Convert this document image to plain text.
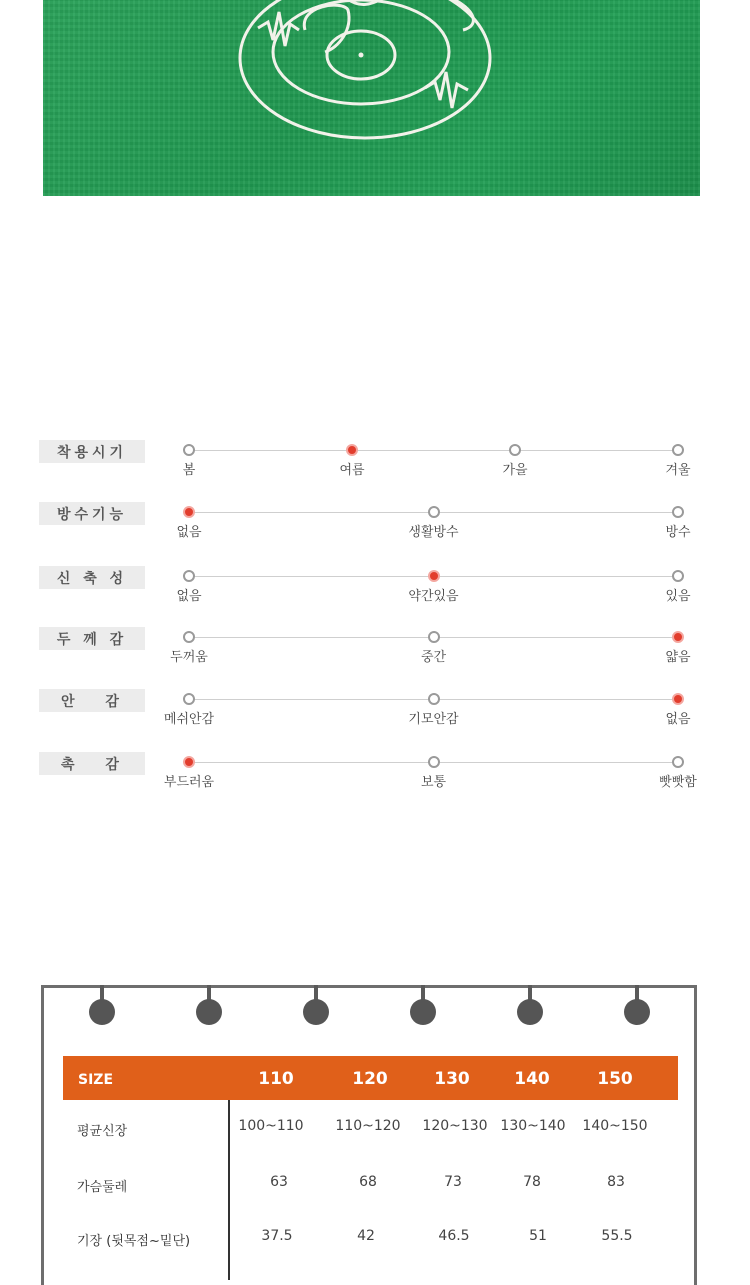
착용시기
봄	여름	가을	겨울
방수기능
없음	생활방수	방수
신 축 성
없음	약간있음	있음
두 께 감
두꺼움	중간	얇음
안　 감
메쉬안감	기모안감	없음
촉　 감
부드러움	보통	빳빳함
SIZE	110	120	130	140	150
평균신장	100~110 110~120 120~130 130~140 140~150
가슴둘레	63	68	73	78	83
기장 (뒷목점~밑단)	37.5	42	46.5	51	55.5
